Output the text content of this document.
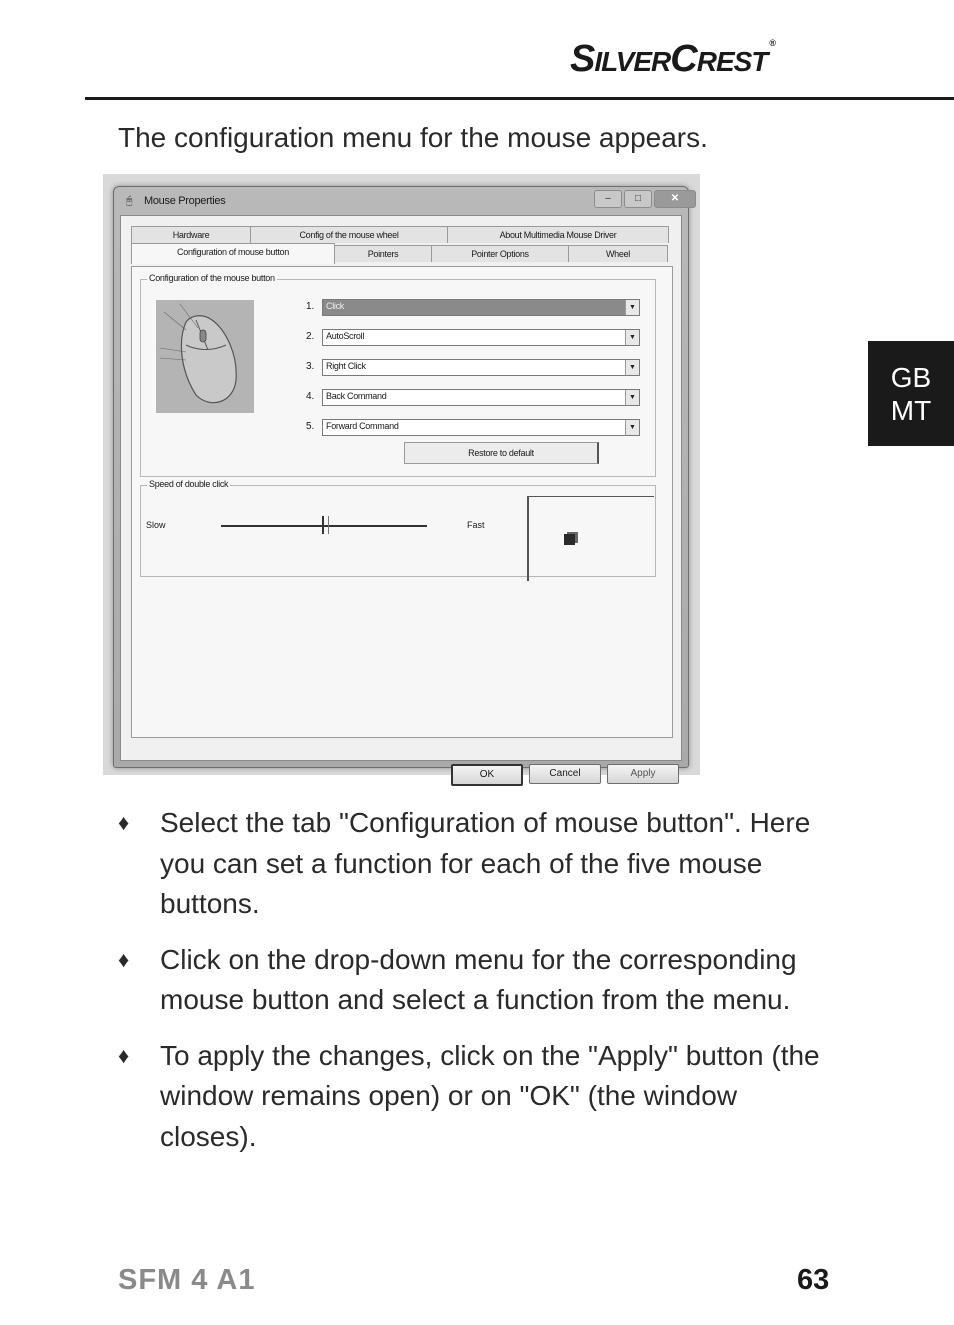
SILVERCREST®
GB
MT
The configuration menu for the mouse appears.
🖰	Mouse Properties	–	□	✕
Hardware	Config of the mouse wheel	About Multimedia Mouse Driver
Configuration of mouse button	Pointers	Pointer Options	Wheel
Configuration of the mouse button
1.	Click	▼
2.	AutoScroll	▼
3.	Right Click	▼
4.	Back Command	▼
5.	Forward Command	▼
Restore to default
Speed of double click
Slow	Fast
OK	Cancel	Apply
♦ Select the tab "Configuration of mouse button". Here you can set a function for each of the five mouse buttons.
♦ Click on the drop-down menu for the corresponding mouse button and select a function from the menu.
♦ To apply the changes, click on the "Apply" button (the window remains open) or on "OK" (the window closes).
SFM 4 A1	63
